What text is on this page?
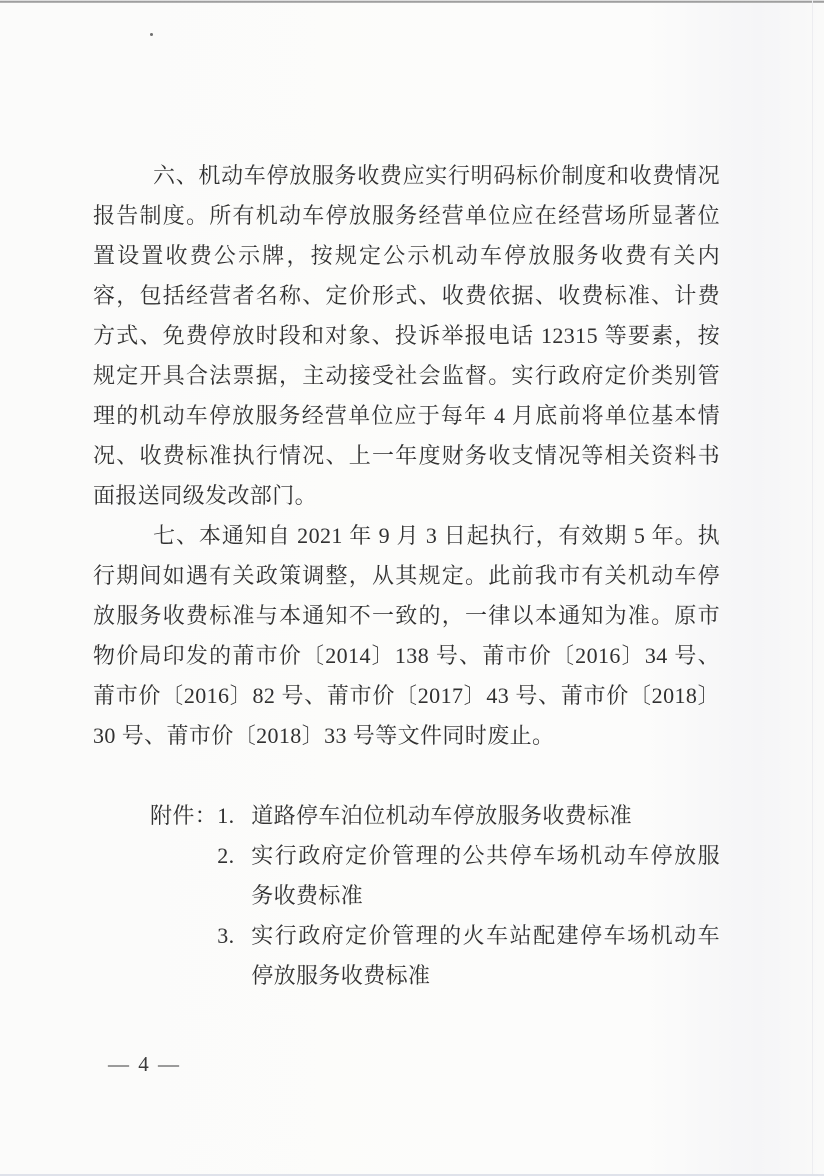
六、机动车停放服务收费应实行明码标价制度和收费情况报告制度。所有机动车停放服务经营单位应在经营场所显著位置设置收费公示牌，按规定公示机动车停放服务收费有关内容，包括经营者名称、定价形式、收费依据、收费标准、计费方式、免费停放时段和对象、投诉举报电话 12315 等要素，按规定开具合法票据，主动接受社会监督。实行政府定价类别管理的机动车停放服务经营单位应于每年 4 月底前将单位基本情况、收费标准执行情况、上一年度财务收支情况等相关资料书面报送同级发改部门。

七、本通知自 2021 年 9 月 3 日起执行，有效期 5 年。执行期间如遇有关政策调整，从其规定。此前我市有关机动车停放服务收费标准与本通知不一致的，一律以本通知为准。原市物价局印发的莆市价〔2014〕138 号、莆市价〔2016〕34 号、莆市价〔2016〕82 号、莆市价〔2017〕43 号、莆市价〔2018〕30 号、莆市价〔2018〕33 号等文件同时废止。

附件： 1. 道路停车泊位机动车停放服务收费标准
2. 实行政府定价管理的公共停车场机动车停放服务收费标准
3. 实行政府定价管理的火车站配建停车场机动车停放服务收费标准
— 4 —
